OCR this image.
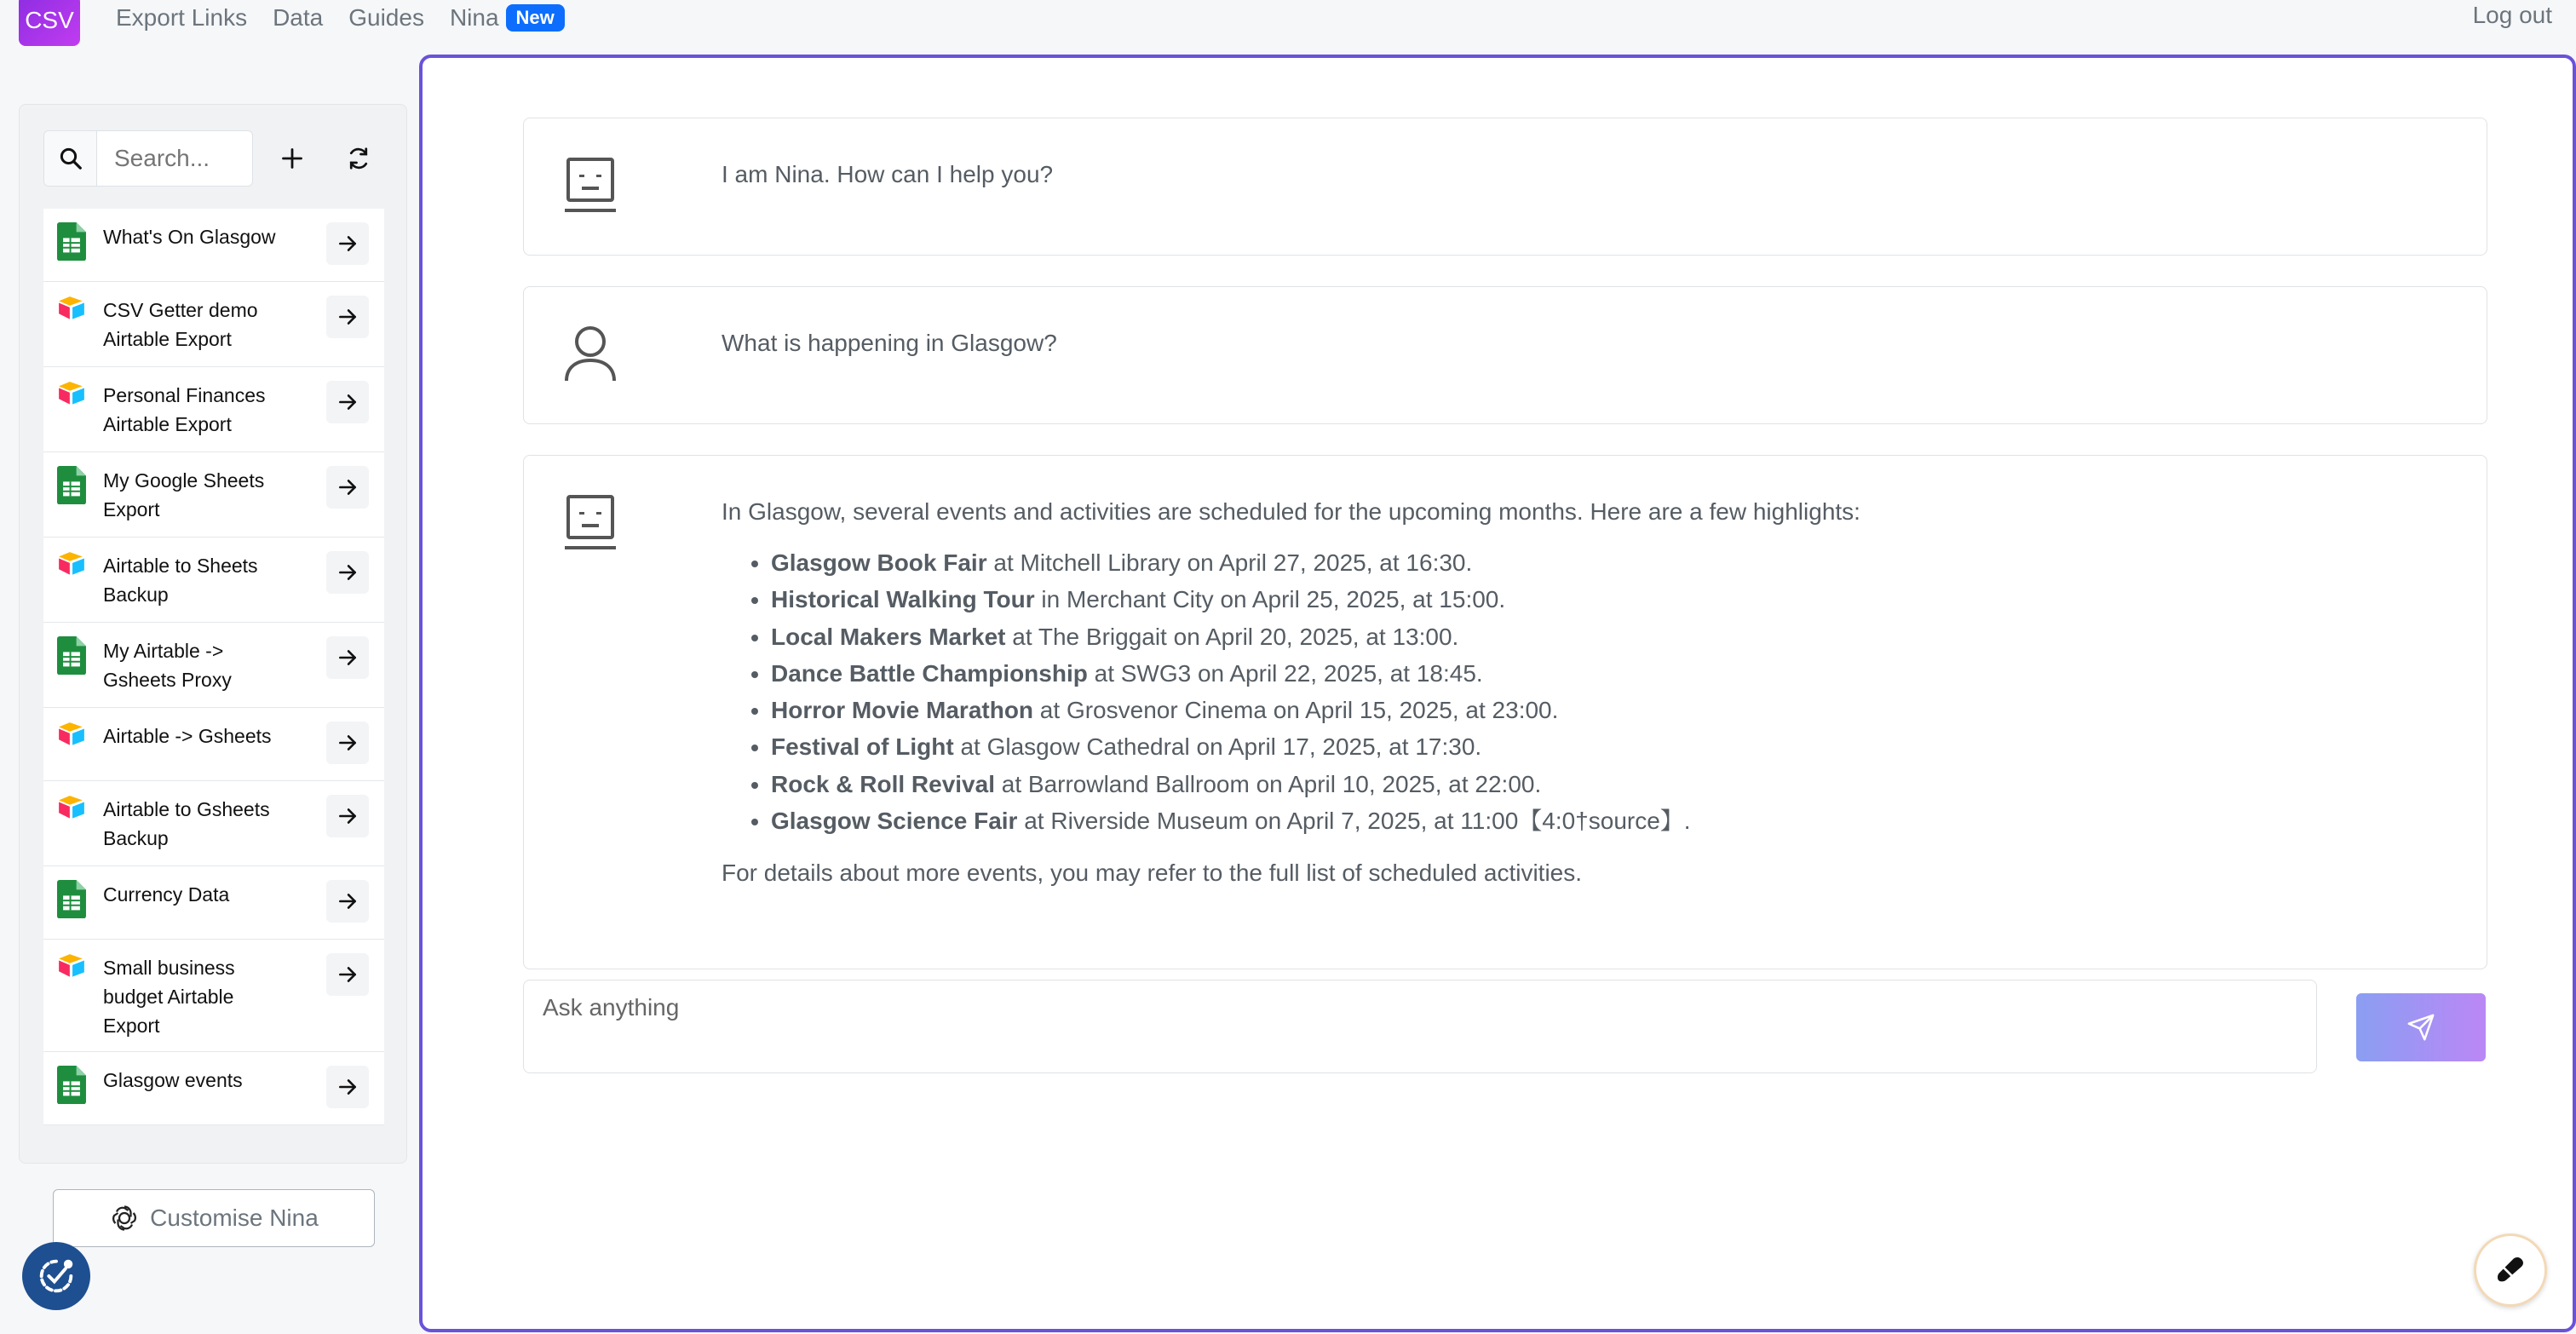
CSV Export Links Data Guides Nina New	Log out
Search...
What's On Glasgow
CSV Getter demo Airtable Export
Personal Finances Airtable Export
My Google Sheets Export
Airtable to Sheets Backup
My Airtable -> Gsheets Proxy
Airtable -> Gsheets
Airtable to Gsheets Backup
Currency Data
Small business budget Airtable Export
Glasgow events
Customise Nina
I am Nina. How can I help you?
What is happening in Glasgow?

In Glasgow, several events and activities are scheduled for the upcoming months. Here are a few highlights:

• Glasgow Book Fair at Mitchell Library on April 27, 2025, at 16:30.
• Historical Walking Tour in Merchant City on April 25, 2025, at 15:00.
• Local Makers Market at The Briggait on April 20, 2025, at 13:00.
• Dance Battle Championship at SWG3 on April 22, 2025, at 18:45.
• Horror Movie Marathon at Grosvenor Cinema on April 15, 2025, at 23:00.
• Festival of Light at Glasgow Cathedral on April 17, 2025, at 17:30.
• Rock & Roll Revival at Barrowland Ballroom on April 10, 2025, at 22:00.
• Glasgow Science Fair at Riverside Museum on April 7, 2025, at 11:00【4:0†source】.

For details about more events, you may refer to the full list of scheduled activities.

Ask anything
